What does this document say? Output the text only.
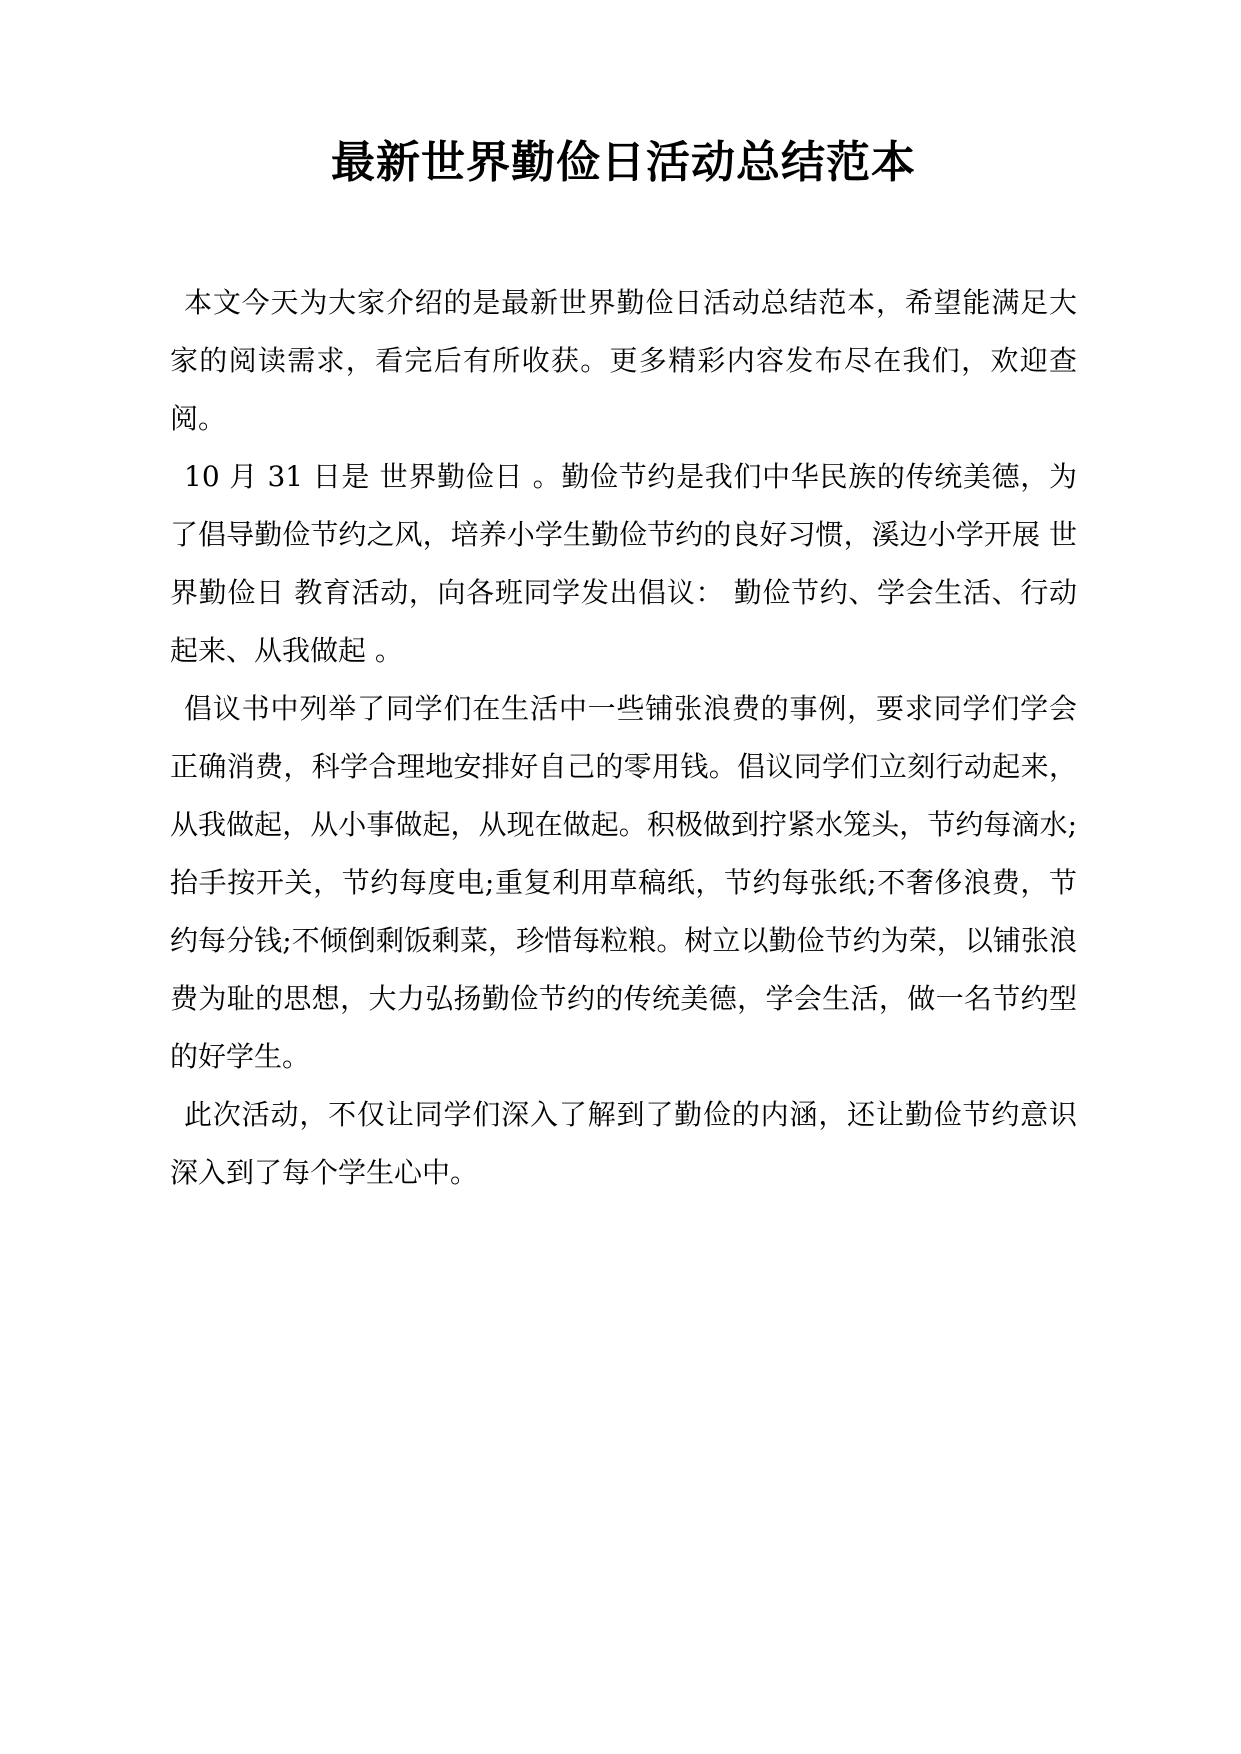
最新世界勤俭日活动总结范本

本文今天为大家介绍的是最新世界勤俭日活动总结范本，希望能满足大家的阅读需求，看完后有所收获。更多精彩内容发布尽在我们，欢迎查阅。

10 月 31 日是 世界勤俭日 。勤俭节约是我们中华民族的传统美德，为了倡导勤俭节约之风，培养小学生勤俭节约的良好习惯，溪边小学开展 世界勤俭日 教育活动，向各班同学发出倡议： 勤俭节约、学会生活、行动起来、从我做起 。

倡议书中列举了同学们在生活中一些铺张浪费的事例，要求同学们学会正确消费，科学合理地安排好自己的零用钱。倡议同学们立刻行动起来，从我做起，从小事做起，从现在做起。积极做到拧紧水笼头，节约每滴水;抬手按开关，节约每度电;重复利用草稿纸，节约每张纸;不奢侈浪费，节约每分钱;不倾倒剩饭剩菜，珍惜每粒粮。树立以勤俭节约为荣，以铺张浪费为耻的思想，大力弘扬勤俭节约的传统美德，学会生活，做一名节约型的好学生。

此次活动，不仅让同学们深入了解到了勤俭的内涵，还让勤俭节约意识深入到了每个学生心中。
